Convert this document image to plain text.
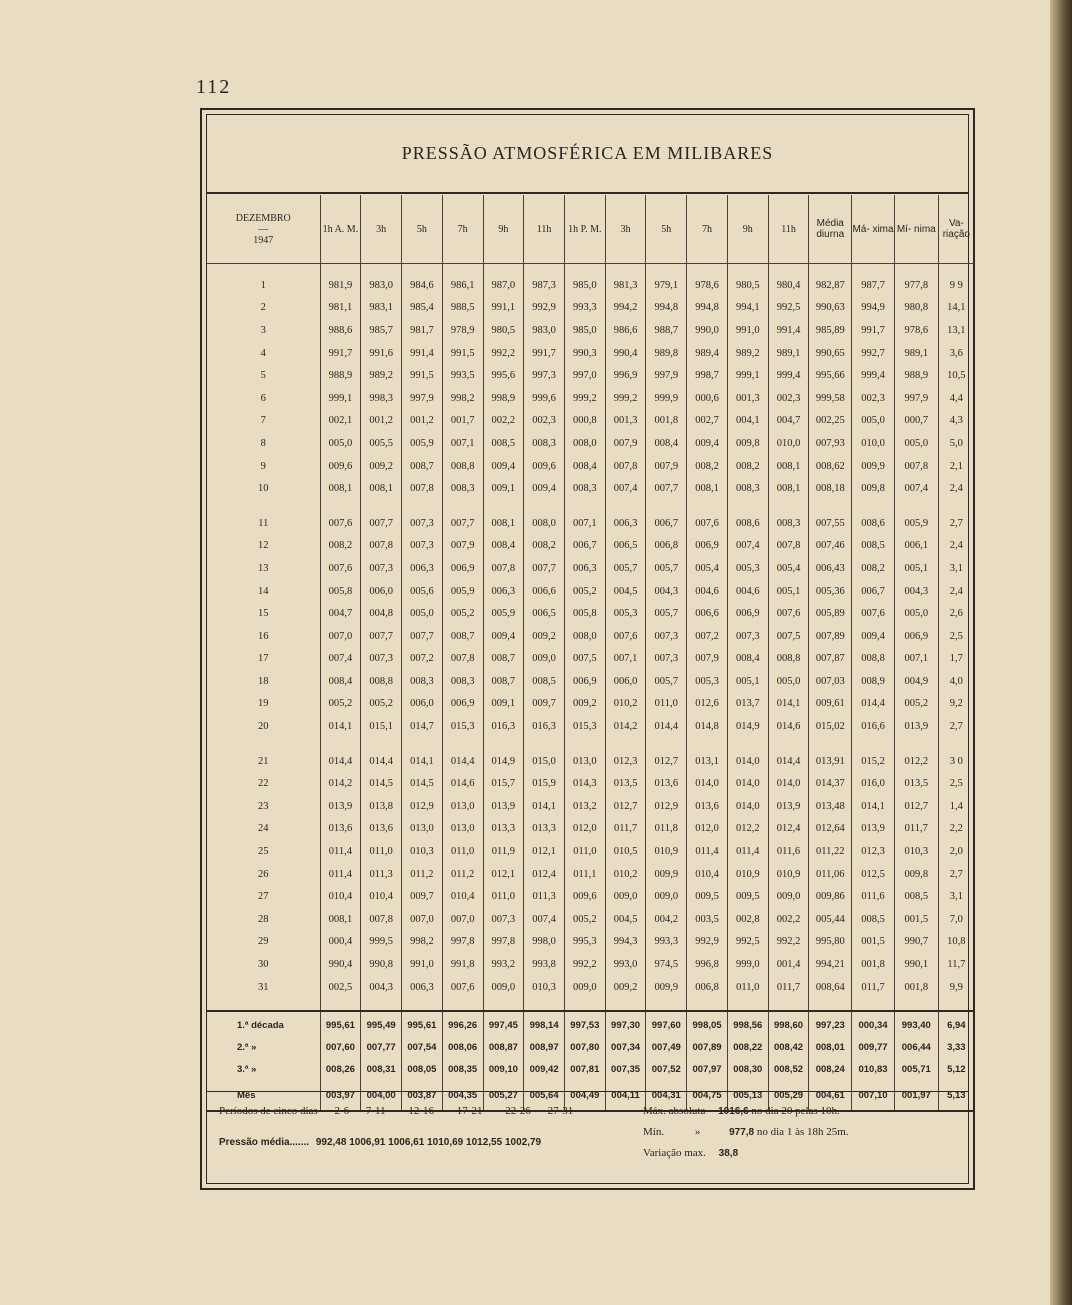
112
PRESSÃO ATMOSFÉRICA EM MILIBARES
DEZEMBRO
—
1947	1h A. M.	3h	5h	7h	9h	11h	1h P. M.	3h	5h	7h	9h	11h	Média diurna	Má- xima	Mí- nima	Va- riação

1	981,9	983,0	984,6	986,1	987,0	987,3	985,0	981,3	979,1	978,6	980,5	980,4	982,87	987,7	977,8	9 9
2	981,1	983,1	985,4	988,5	991,1	992,9	993,3	994,2	994,8	994,8	994,1	992,5	990,63	994,9	980,8	14,1
3	988,6	985,7	981,7	978,9	980,5	983,0	985,0	986,6	988,7	990,0	991,0	991,4	985,89	991,7	978,6	13,1
4	991,7	991,6	991,4	991,5	992,2	991,7	990,3	990,4	989,8	989,4	989,2	989,1	990,65	992,7	989,1	3,6
5	988,9	989,2	991,5	993,5	995,6	997,3	997,0	996,9	997,9	998,7	999,1	999,4	995,66	999,4	988,9	10,5
6	999,1	998,3	997,9	998,2	998,9	999,6	999,2	999,2	999,9	000,6	001,3	002,3	999,58	002,3	997,9	4,4
7	002,1	001,2	001,2	001,7	002,2	002,3	000,8	001,3	001,8	002,7	004,1	004,7	002,25	005,0	000,7	4,3
8	005,0	005,5	005,9	007,1	008,5	008,3	008,0	007,9	008,4	009,4	009,8	010,0	007,93	010,0	005,0	5,0
9	009,6	009,2	008,7	008,8	009,4	009,6	008,4	007,8	007,9	008,2	008,2	008,1	008,62	009,9	007,8	2,1
10	008,1	008,1	007,8	008,3	009,1	009,4	008,3	007,4	007,7	008,1	008,3	008,1	008,18	009,8	007,4	2,4

11	007,6	007,7	007,3	007,7	008,1	008,0	007,1	006,3	006,7	007,6	008,6	008,3	007,55	008,6	005,9	2,7
12	008,2	007,8	007,3	007,9	008,4	008,2	006,7	006,5	006,8	006,9	007,4	007,8	007,46	008,5	006,1	2,4
13	007,6	007,3	006,3	006,9	007,8	007,7	006,3	005,7	005,7	005,4	005,3	005,4	006,43	008,2	005,1	3,1
14	005,8	006,0	005,6	005,9	006,3	006,6	005,2	004,5	004,3	004,6	004,6	005,1	005,36	006,7	004,3	2,4
15	004,7	004,8	005,0	005,2	005,9	006,5	005,8	005,3	005,7	006,6	006,9	007,6	005,89	007,6	005,0	2,6
16	007,0	007,7	007,7	008,7	009,4	009,2	008,0	007,6	007,3	007,2	007,3	007,5	007,89	009,4	006,9	2,5
17	007,4	007,3	007,2	007,8	008,7	009,0	007,5	007,1	007,3	007,9	008,4	008,8	007,87	008,8	007,1	1,7
18	008,4	008,8	008,3	008,3	008,7	008,5	006,9	006,0	005,7	005,3	005,1	005,0	007,03	008,9	004,9	4,0
19	005,2	005,2	006,0	006,9	009,1	009,7	009,2	010,2	011,0	012,6	013,7	014,1	009,61	014,4	005,2	9,2
20	014,1	015,1	014,7	015,3	016,3	016,3	015,3	014,2	014,4	014,8	014,9	014,6	015,02	016,6	013,9	2,7

21	014,4	014,4	014,1	014,4	014,9	015,0	013,0	012,3	012,7	013,1	014,0	014,4	013,91	015,2	012,2	3 0
22	014,2	014,5	014,5	014,6	015,7	015,9	014,3	013,5	013,6	014,0	014,0	014,0	014,37	016,0	013,5	2,5
23	013,9	013,8	012,9	013,0	013,9	014,1	013,2	012,7	012,9	013,6	014,0	013,9	013,48	014,1	012,7	1,4
24	013,6	013,6	013,0	013,0	013,3	013,3	012,0	011,7	011,8	012,0	012,2	012,4	012,64	013,9	011,7	2,2
25	011,4	011,0	010,3	011,0	011,9	012,1	011,0	010,5	010,9	011,4	011,4	011,6	011,22	012,3	010,3	2,0
26	011,4	011,3	011,2	011,2	012,1	012,4	011,1	010,2	009,9	010,4	010,9	010,9	011,06	012,5	009,8	2,7
27	010,4	010,4	009,7	010,4	011,0	011,3	009,6	009,0	009,0	009,5	009,5	009,0	009,86	011,6	008,5	3,1
28	008,1	007,8	007,0	007,0	007,3	007,4	005,2	004,5	004,2	003,5	002,8	002,2	005,44	008,5	001,5	7,0
29	000,4	999,5	998,2	997,8	997,8	998,0	995,3	994,3	993,3	992,9	992,5	992,2	995,80	001,5	990,7	10,8
30	990,4	990,8	991,0	991,8	993,2	993,8	992,2	993,0	974,5	996,8	999,0	001,4	994,21	001,8	990,1	11,7
31	002,5	004,3	006,3	007,6	009,0	010,3	009,0	009,2	009,9	006,8	011,0	011,7	008,64	011,7	001,8	9,9

1.ª década	995,61	995,49	995,61	996,26	997,45	998,14	997,53	997,30	997,60	998,05	998,56	998,60	997,23	000,34	993,40	6,94
2.ª »	007,60	007,77	007,54	008,06	008,87	008,97	007,80	007,34	007,49	007,89	008,22	008,42	008,01	009,77	006,44	3,33
3.ª »	008,26	008,31	008,05	008,35	009,10	009,42	007,81	007,35	007,52	007,97	008,30	008,52	008,24	010,83	005,71	5,12
Mês	003,97	004,00	003,87	004,35	005,27	005,64	004,49	004,11	004,31	004,75	005,13	005,29	004,61	007,10	001,97	5,13
Períodos de cinco dias 2-6 7-11 12-16 17-21 22-26 27-31
Pressão média....... 992,48 1006,91 1006,61 1010,69 1012,55 1002,79
Máx. absoluta 1016,6 no dia 20 pelas 10h.
Mín.	»	977,8 no dia 1 às 18h 25m.
Variação max. 38,8
